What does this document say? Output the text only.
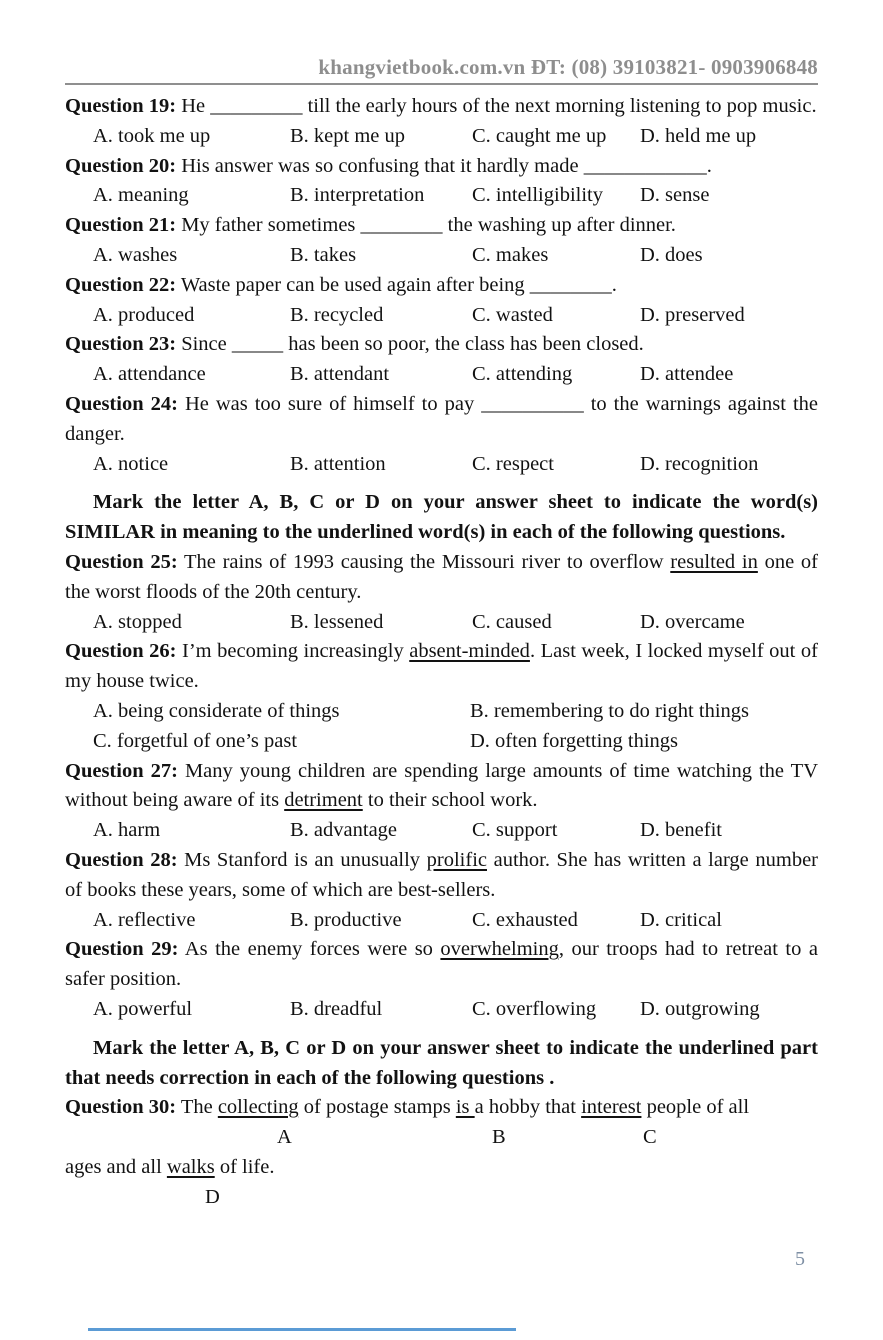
khangvietbook.com.vn ĐT: (08) 39103821- 0903906848

Question 19: He _________ till the early hours of the next morning listening to pop music.

A. took me up	B. kept me up	C. caught me up	D. held me up

Question 20: His answer was so confusing that it hardly made ____________.

A. meaning	B. interpretation	C. intelligibility	D. sense

Question 21: My father sometimes ________ the washing up after dinner.

A. washes	B. takes	C. makes	D. does

Question 22: Waste paper can be used again after being ________.

A. produced	B. recycled	C. wasted	D. preserved

Question 23: Since _____ has been so poor, the class has been closed.

A. attendance	B. attendant	C. attending	D. attendee

Question 24: He was too sure of himself to pay __________ to the warnings against the danger.

A. notice	B. attention	C. respect	D. recognition

Mark the letter A, B, C or D on your answer sheet to indicate the word(s) SIMILAR in meaning to the underlined word(s) in each of the following questions.

Question 25: The rains of 1993 causing the Missouri river to overflow resulted in one of the worst floods of the 20th century.

A. stopped	B. lessened	C. caused	D. overcame

Question 26: I’m becoming increasingly absent-minded. Last week, I locked myself out of my house twice.

A. being considerate of things	B. remembering to do right things
C. forgetful of one’s past	D. often forgetting things

Question 27: Many young children are spending large amounts of time watching the TV without being aware of its detriment to their school work.

A. harm	B. advantage	C. support	D. benefit

Question 28: Ms Stanford is an unusually prolific author. She has written a large number of books these years, some of which are best-sellers.

A. reflective	B. productive	C. exhausted	D. critical

Question 29: As the enemy forces were so overwhelming, our troops had to retreat to a safer position.

A. powerful	B. dreadful	C. overflowing	D. outgrowing

Mark the letter A, B, C or D on your answer sheet to indicate the underlined part that needs correction in each of the following questions .

Question 30: The collecting of postage stamps is a hobby that interest people of all

A	B	C

ages and all walks of life.

D
5
